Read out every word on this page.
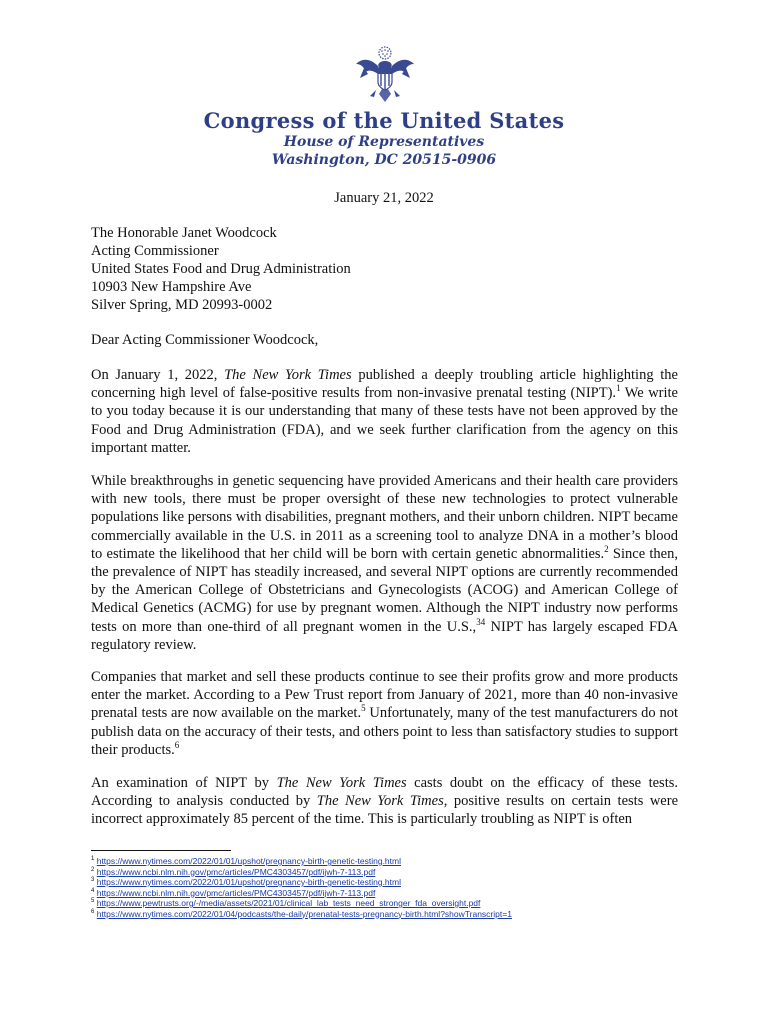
Congress of the United States
House of Representatives
Washington, DC 20515-0906
January 21, 2022
The Honorable Janet Woodcock
Acting Commissioner
United States Food and Drug Administration
10903 New Hampshire Ave
Silver Spring, MD 20993-0002
Dear Acting Commissioner Woodcock,
On January 1, 2022, The New York Times published a deeply troubling article highlighting the concerning high level of false-positive results from non-invasive prenatal testing (NIPT).$^1$ We write to you today because it is our understanding that many of these tests have not been approved by the Food and Drug Administration (FDA), and we seek further clarification from the agency on this important matter.
While breakthroughs in genetic sequencing have provided Americans and their health care providers with new tools, there must be proper oversight of these new technologies to protect vulnerable populations like persons with disabilities, pregnant mothers, and their unborn children. NIPT became commercially available in the U.S. in 2011 as a screening tool to analyze DNA in a mother’s blood to estimate the likelihood that her child will be born with certain genetic abnormalities.$^2$ Since then, the prevalence of NIPT has steadily increased, and several NIPT options are currently recommended by the American College of Obstetricians and Gynecologists (ACOG) and American College of Medical Genetics (ACMG) for use by pregnant women. Although the NIPT industry now performs tests on more than one-third of all pregnant women in the U.S.,$^{34}$ NIPT has largely escaped FDA regulatory review.
Companies that market and sell these products continue to see their profits grow and more products enter the market. According to a Pew Trust report from January of 2021, more than 40 non-invasive prenatal tests are now available on the market.$^5$ Unfortunately, many of the test manufacturers do not publish data on the accuracy of their tests, and others point to less than satisfactory studies to support their products.$^6$
An examination of NIPT by The New York Times casts doubt on the efficacy of these tests. According to analysis conducted by The New York Times, positive results on certain tests were incorrect approximately 85 percent of the time. This is particularly troubling as NIPT is often
$^1$ https://www.nytimes.com/2022/01/01/upshot/pregnancy-birth-genetic-testing.html
$^2$ https://www.ncbi.nlm.nih.gov/pmc/articles/PMC4303457/pdf/ijwh-7-113.pdf
$^3$ https://www.nytimes.com/2022/01/01/upshot/pregnancy-birth-genetic-testing.html
$^4$ https://www.ncbi.nlm.nih.gov/pmc/articles/PMC4303457/pdf/ijwh-7-113.pdf
$^5$ https://www.pewtrusts.org/-/media/assets/2021/01/clinical_lab_tests_need_stronger_fda_oversight.pdf
$^6$ https://www.nytimes.com/2022/01/04/podcasts/the-daily/prenatal-tests-pregnancy-birth.html?showTranscript=1
